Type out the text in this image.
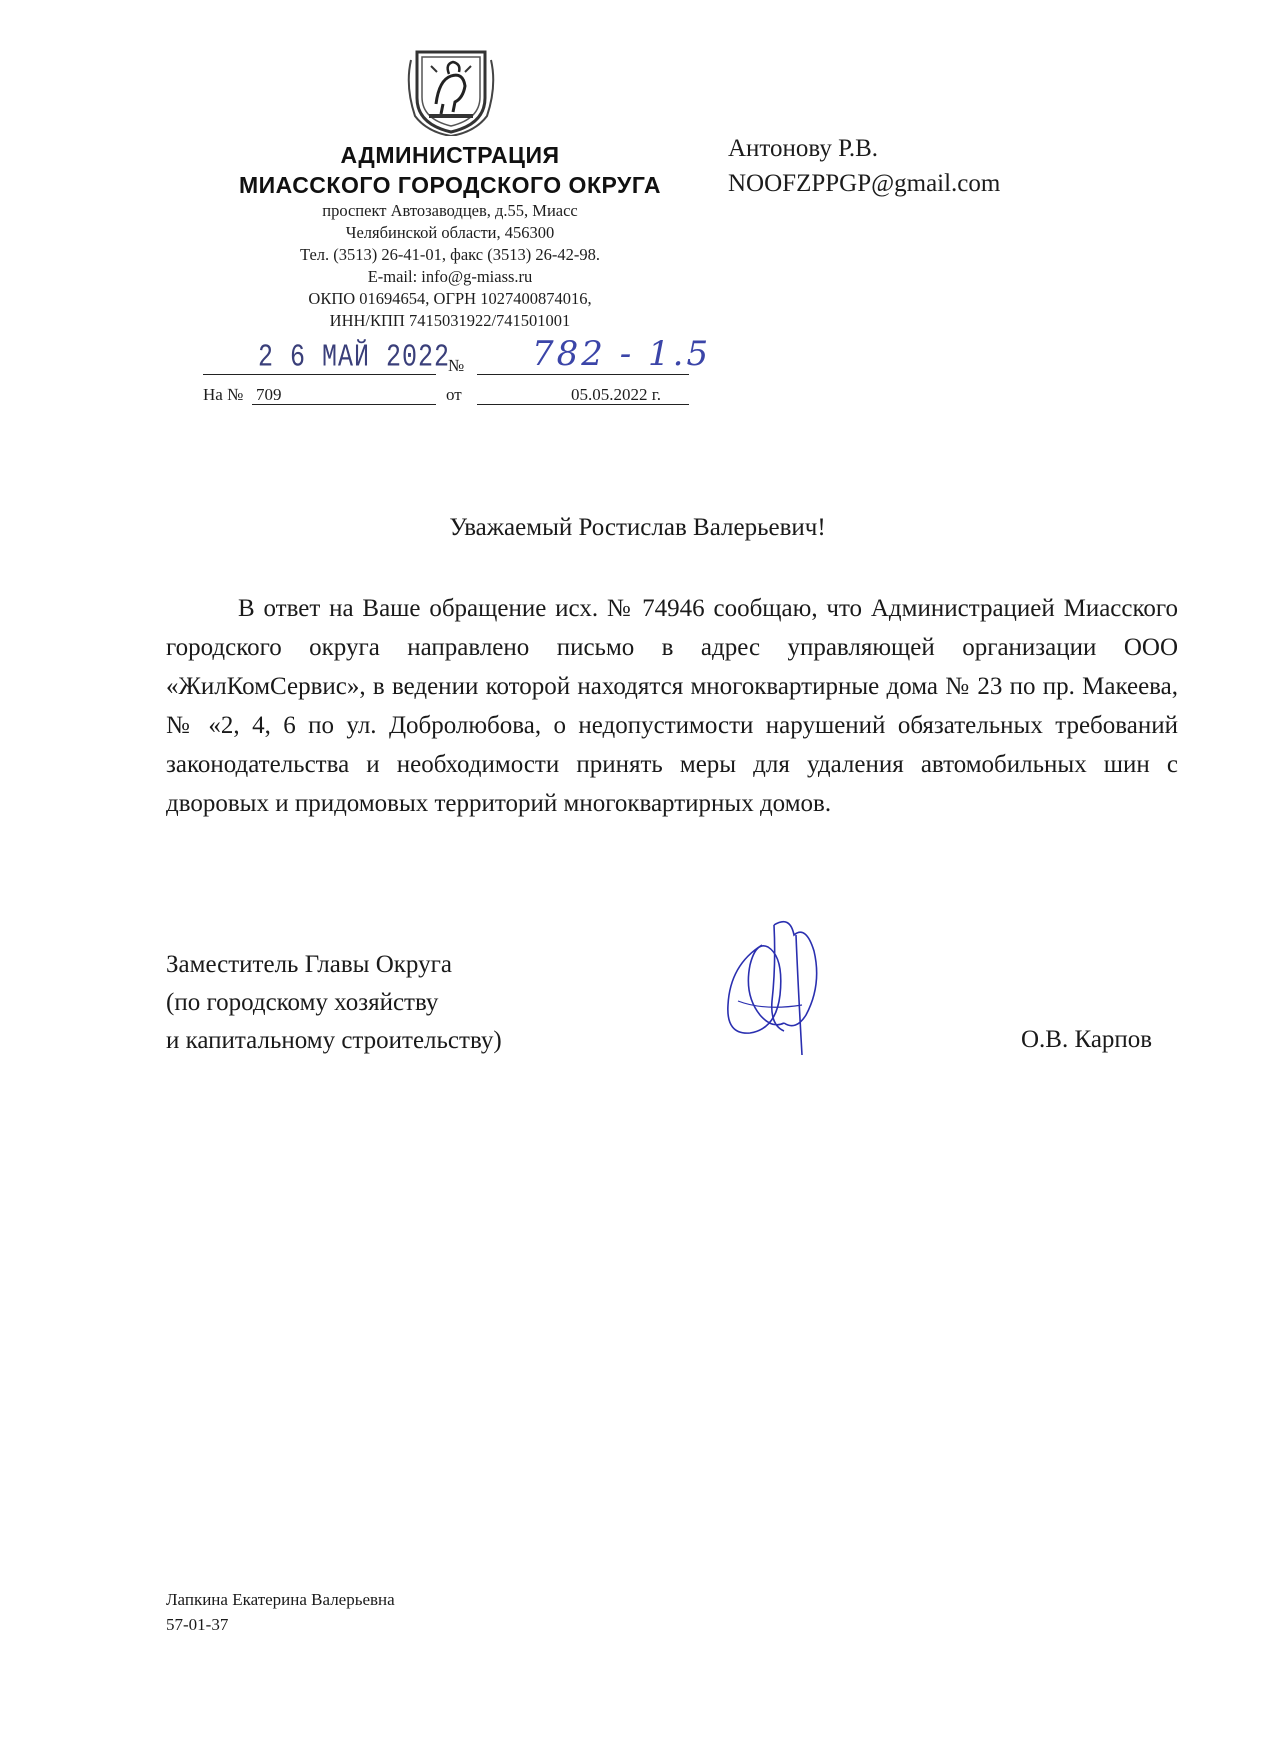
АДМИНИСТРАЦИЯ
МИАССКОГО ГОРОДСКОГО ОКРУГА
проспект Автозаводцев, д.55, Миасс
Челябинской области, 456300
Тел. (3513) 26-41-01, факс (3513) 26-42-98.
E-mail: info@g-miass.ru
ОКПО 01694654, ОГРН 1027400874016,
ИНН/КПП 7415031922/741501001
Антонову Р.В.
NOOFZPPGP@gmail.com
2 6 МАЙ 2022
№ 782 - 1.5
На № 709	от	05.05.2022 г.
Уважаемый Ростислав Валерьевич!

В ответ на Ваше обращение исх. № 74946 сообщаю, что Администрацией Миасского городского округа направлено письмо в адрес управляющей организации ООО «ЖилКомСервис», в ведении которой находятся многоквартирные дома № 23 по пр. Макеева, № «2, 4, 6 по ул. Добролюбова, о недопустимости нарушений обязательных требований законодательства и необходимости принять меры для удаления автомобильных шин с дворовых и придомовых территорий многоквартирных домов.

Заместитель Главы Округа
(по городскому хозяйству
и капитальному строительству)	О.В. Карпов
Лапкина Екатерина Валерьевна
57-01-37
